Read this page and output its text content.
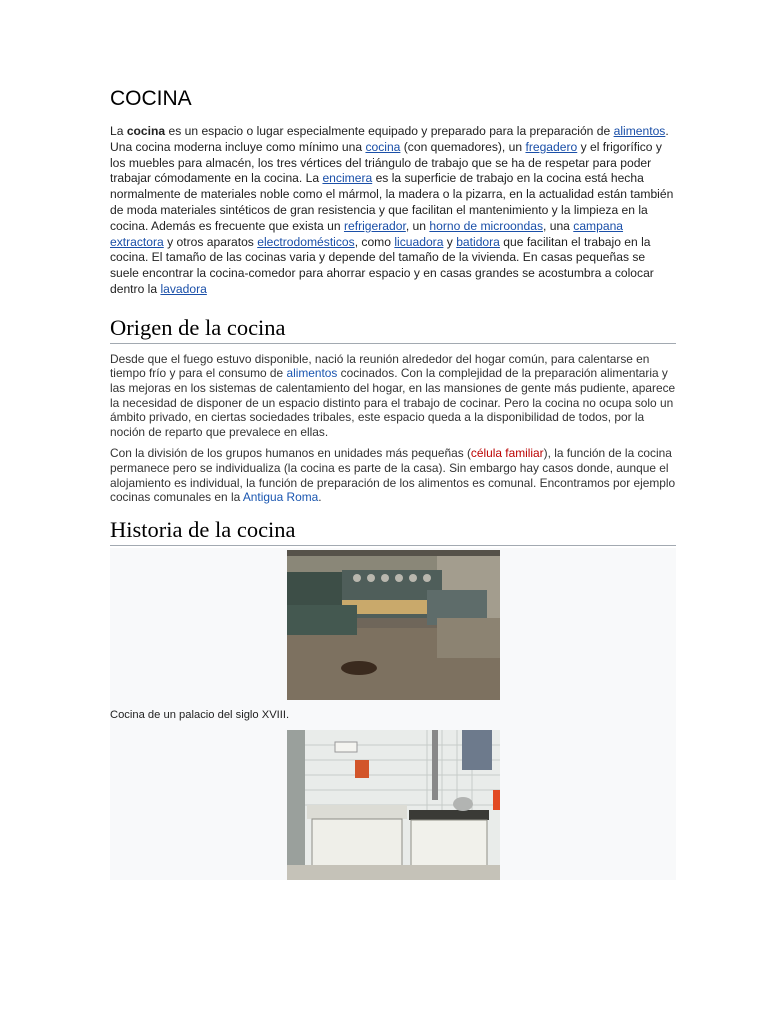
COCINA

La cocina es un espacio o lugar especialmente equipado y preparado para la preparación de alimentos. Una cocina moderna incluye como mínimo una cocina (con quemadores), un fregadero y el frigorífico y los muebles para almacén, los tres vértices del triángulo de trabajo que se ha de respetar para poder trabajar cómodamente en la cocina. La encimera es la superficie de trabajo en la cocina está hecha normalmente de materiales noble como el mármol, la madera o la pizarra, en la actualidad están también de moda materiales sintéticos de gran resistencia y que facilitan el mantenimiento y la limpieza en la cocina. Además es frecuente que exista un refrigerador, un horno de microondas, una campana extractora y otros aparatos electrodomésticos, como licuadora y batidora que facilitan el trabajo en la cocina. El tamaño de las cocinas varia y depende del tamaño de la vivienda. En casas pequeñas se suele encontrar la cocina-comedor para ahorrar espacio y en casas grandes se acostumbra a colocar dentro la lavadora

Origen de la cocina

Desde que el fuego estuvo disponible, nació la reunión alrededor del hogar común, para calentarse en tiempo frío y para el consumo de alimentos cocinados. Con la complejidad de la preparación alimentaria y las mejoras en los sistemas de calentamiento del hogar, en las mansiones de gente más pudiente, aparece la necesidad de disponer de un espacio distinto para el trabajo de cocinar. Pero la cocina no ocupa solo un ámbito privado, en ciertas sociedades tribales, este espacio queda a la disponibilidad de todos, por la noción de reparto que prevalece en ellas.

Con la división de los grupos humanos en unidades más pequeñas (célula familiar), la función de la cocina permanece pero se individualiza (la cocina es parte de la casa). Sin embargo hay casos donde, aunque el alojamiento es individual, la función de preparación de los alimentos es comunal. Encontramos por ejemplo cocinas comunales en la Antigua Roma.

Historia de la cocina
Cocina de un palacio del siglo XVIII.
